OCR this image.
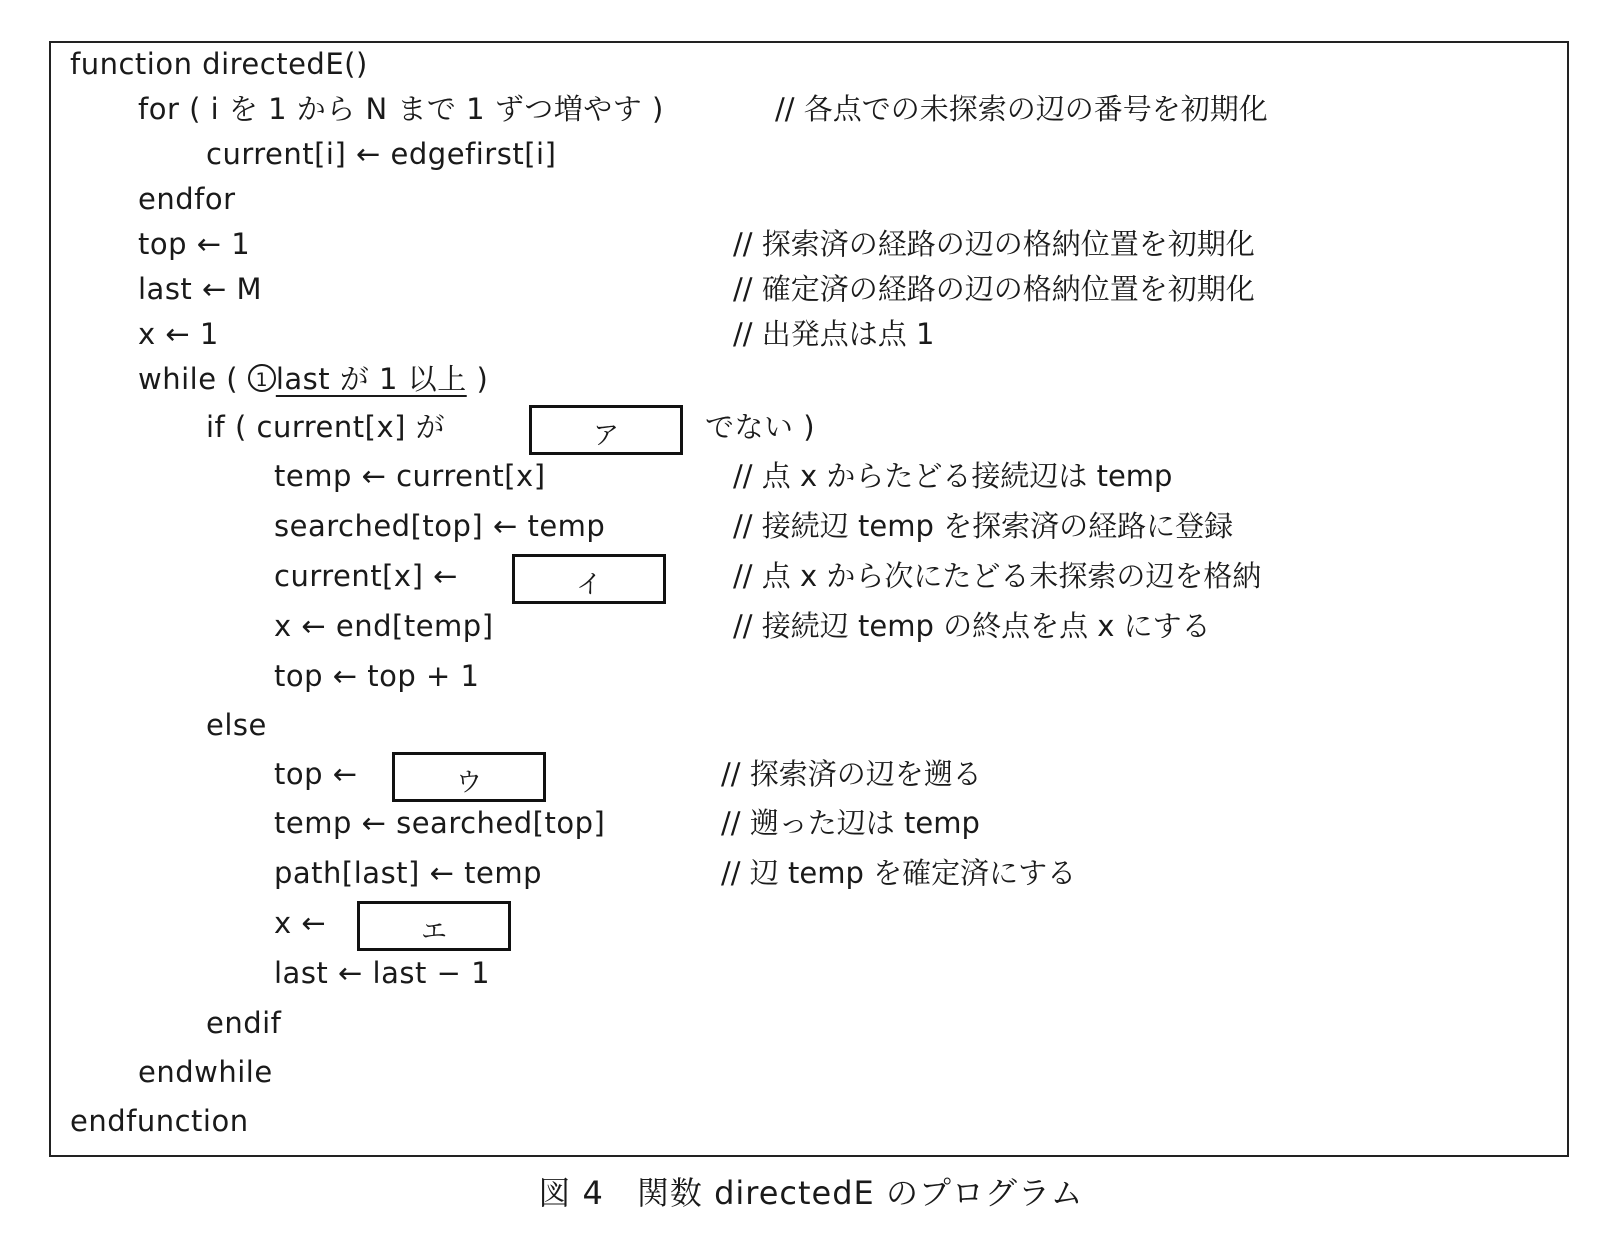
function directedE()
for ( i を 1 から N まで 1 ずつ増やす )
current[i] ← edgefirst[i]
endfor
top ← 1
last ← M
x ← 1
while ( 1 last が 1 以上 )
if ( current[x] が	ア	でない )
temp ← current[x]
searched[top] ← temp
current[x] ←	イ
x ← end[temp]
top ← top + 1
else
top ←	ウ
temp ← searched[top]
path[last] ← temp
x ←	エ
last ← last − 1
endif
endwhile
endfunction
// 各点での未探索の辺の番号を初期化
// 探索済の経路の辺の格納位置を初期化
// 確定済の経路の辺の格納位置を初期化
// 出発点は点 1
// 点 x からたどる接続辺は temp
// 接続辺 temp を探索済の経路に登録
// 点 x から次にたどる未探索の辺を格納
// 接続辺 temp の終点を点 x にする
// 探索済の辺を遡る
// 遡った辺は temp
// 辺 temp を確定済にする
図 4　関数 directedE のプログラム
